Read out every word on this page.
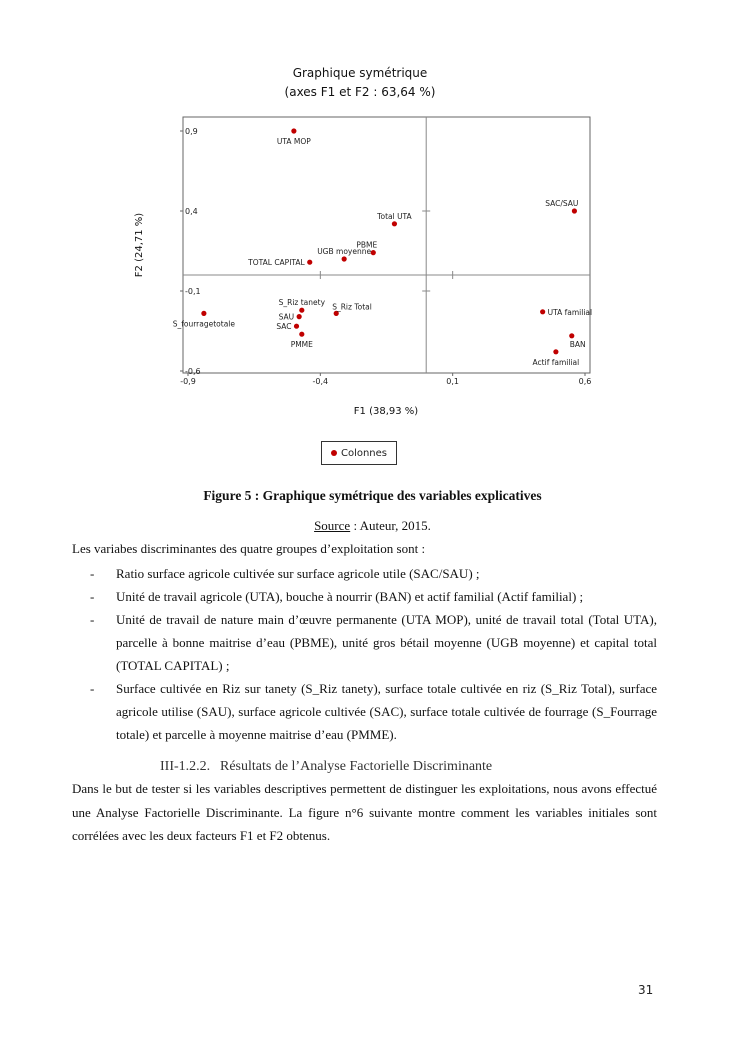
Graphique symétrique
(axes F1 et F2 : 63,64 %)
-0,9	-0,4	0,1	0,6
0,9
0,4
-0,1
-0,6
UTA MOP
SAC/SAU
Total UTA
PBME
UGB moyenne
TOTAL CAPITAL
S_Riz tanety S_Riz Total
SAU
SAC
PMME
S_fourragetotale
UTA familial
BAN
Actif familial
F2 (24,71 %)
F1 (38,93 %)
Colonnes
Figure 5 : Graphique symétrique des variables explicatives
Source : Auteur, 2015.
Les variabes discriminantes des quatre groupes d’exploitation sont :
- Ratio surface agricole cultivée sur surface agricole utile (SAC/SAU) ;
- Unité de travail agricole (UTA), bouche à nourrir (BAN) et actif familial (Actif familial) ;
- Unité de travail de nature main d’œuvre permanente (UTA MOP), unité de travail total (Total UTA), parcelle à bonne maitrise d’eau (PBME), unité gros bétail moyenne (UGB moyenne) et capital total (TOTAL CAPITAL) ;
- Surface cultivée en Riz sur tanety (S_Riz tanety), surface totale cultivée en riz (S_Riz Total), surface agricole utilise (SAU), surface agricole cultivée (SAC), surface totale cultivée de fourrage (S_Fourrage totale) et parcelle à moyenne maitrise d’eau (PMME).
III-1.2.2. Résultats de l’Analyse Factorielle Discriminante
Dans le but de tester si les variables descriptives permettent de distinguer les exploitations, nous avons effectué une Analyse Factorielle Discriminante. La figure n°6 suivante montre comment les variables initiales sont corrélées avec les deux facteurs F1 et F2 obtenus.
31
